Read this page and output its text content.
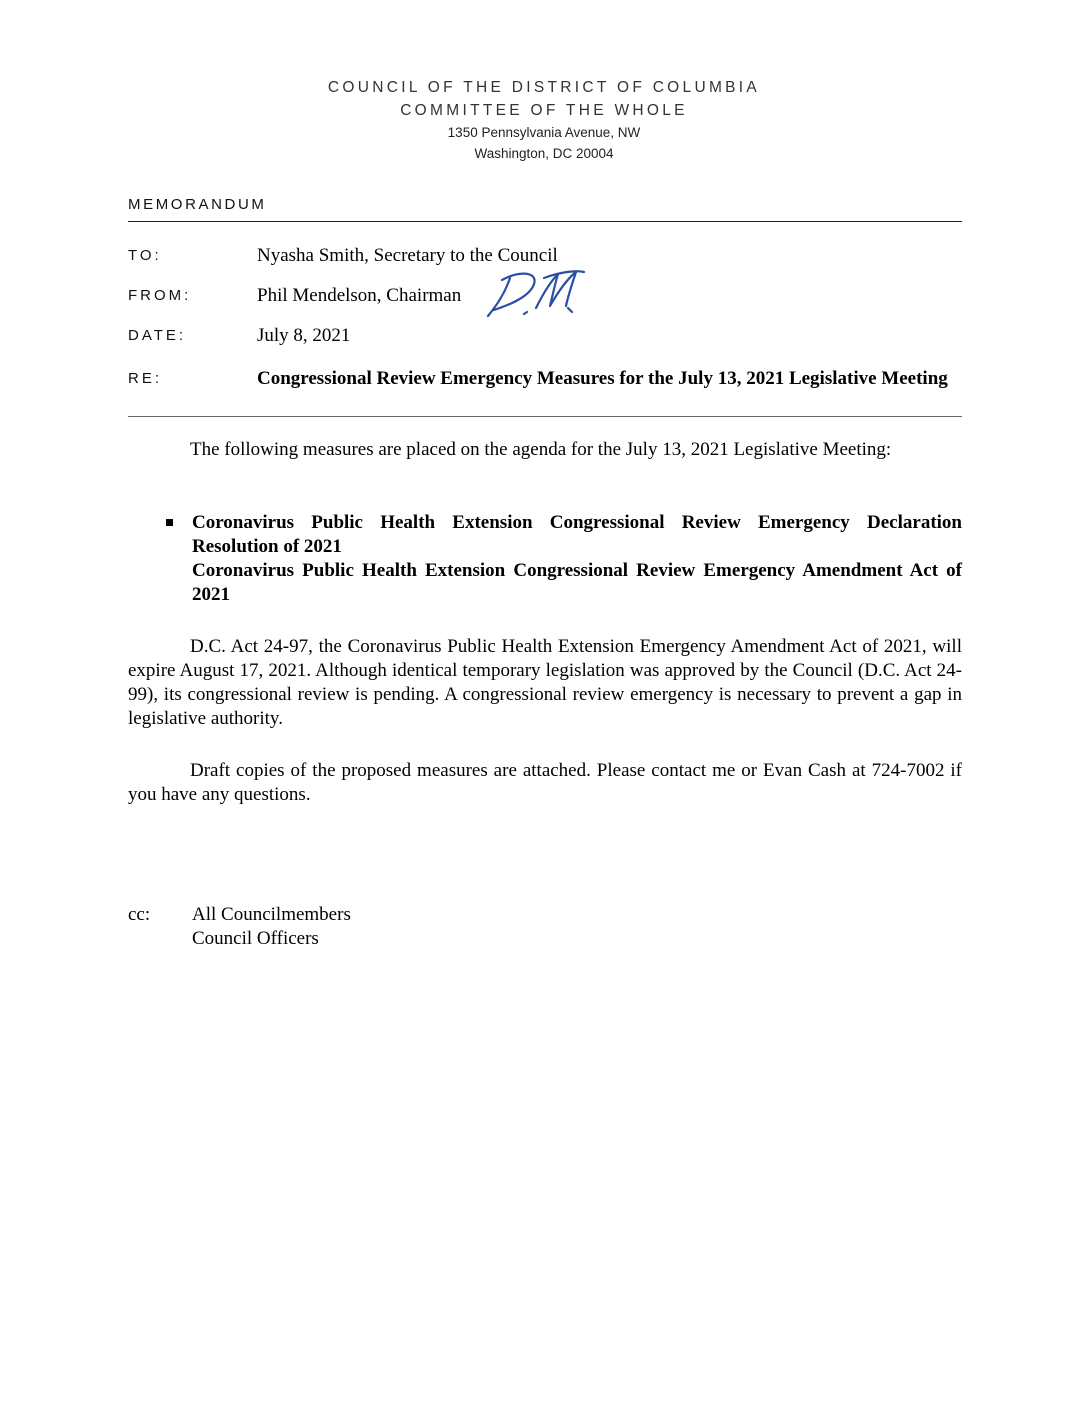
COUNCIL OF THE DISTRICT OF COLUMBIA
COMMITTEE OF THE WHOLE
1350 Pennsylvania Avenue, NW
Washington, DC 20004
MEMORANDUM
TO:	Nyasha Smith, Secretary to the Council
FROM:	Phil Mendelson, Chairman
DATE:	July 8, 2021
RE:	Congressional Review Emergency Measures for the July 13, 2021 Legislative Meeting
The following measures are placed on the agenda for the July 13, 2021 Legislative Meeting:
Coronavirus Public Health Extension Congressional Review Emergency Declaration Resolution of 2021
Coronavirus Public Health Extension Congressional Review Emergency Amendment Act of 2021
D.C. Act 24-97, the Coronavirus Public Health Extension Emergency Amendment Act of 2021, will expire August 17, 2021. Although identical temporary legislation was approved by the Council (D.C. Act 24-99), its congressional review is pending. A congressional review emergency is necessary to prevent a gap in legislative authority.
Draft copies of the proposed measures are attached. Please contact me or Evan Cash at 724-7002 if you have any questions.
cc: All Councilmembers
Council Officers
